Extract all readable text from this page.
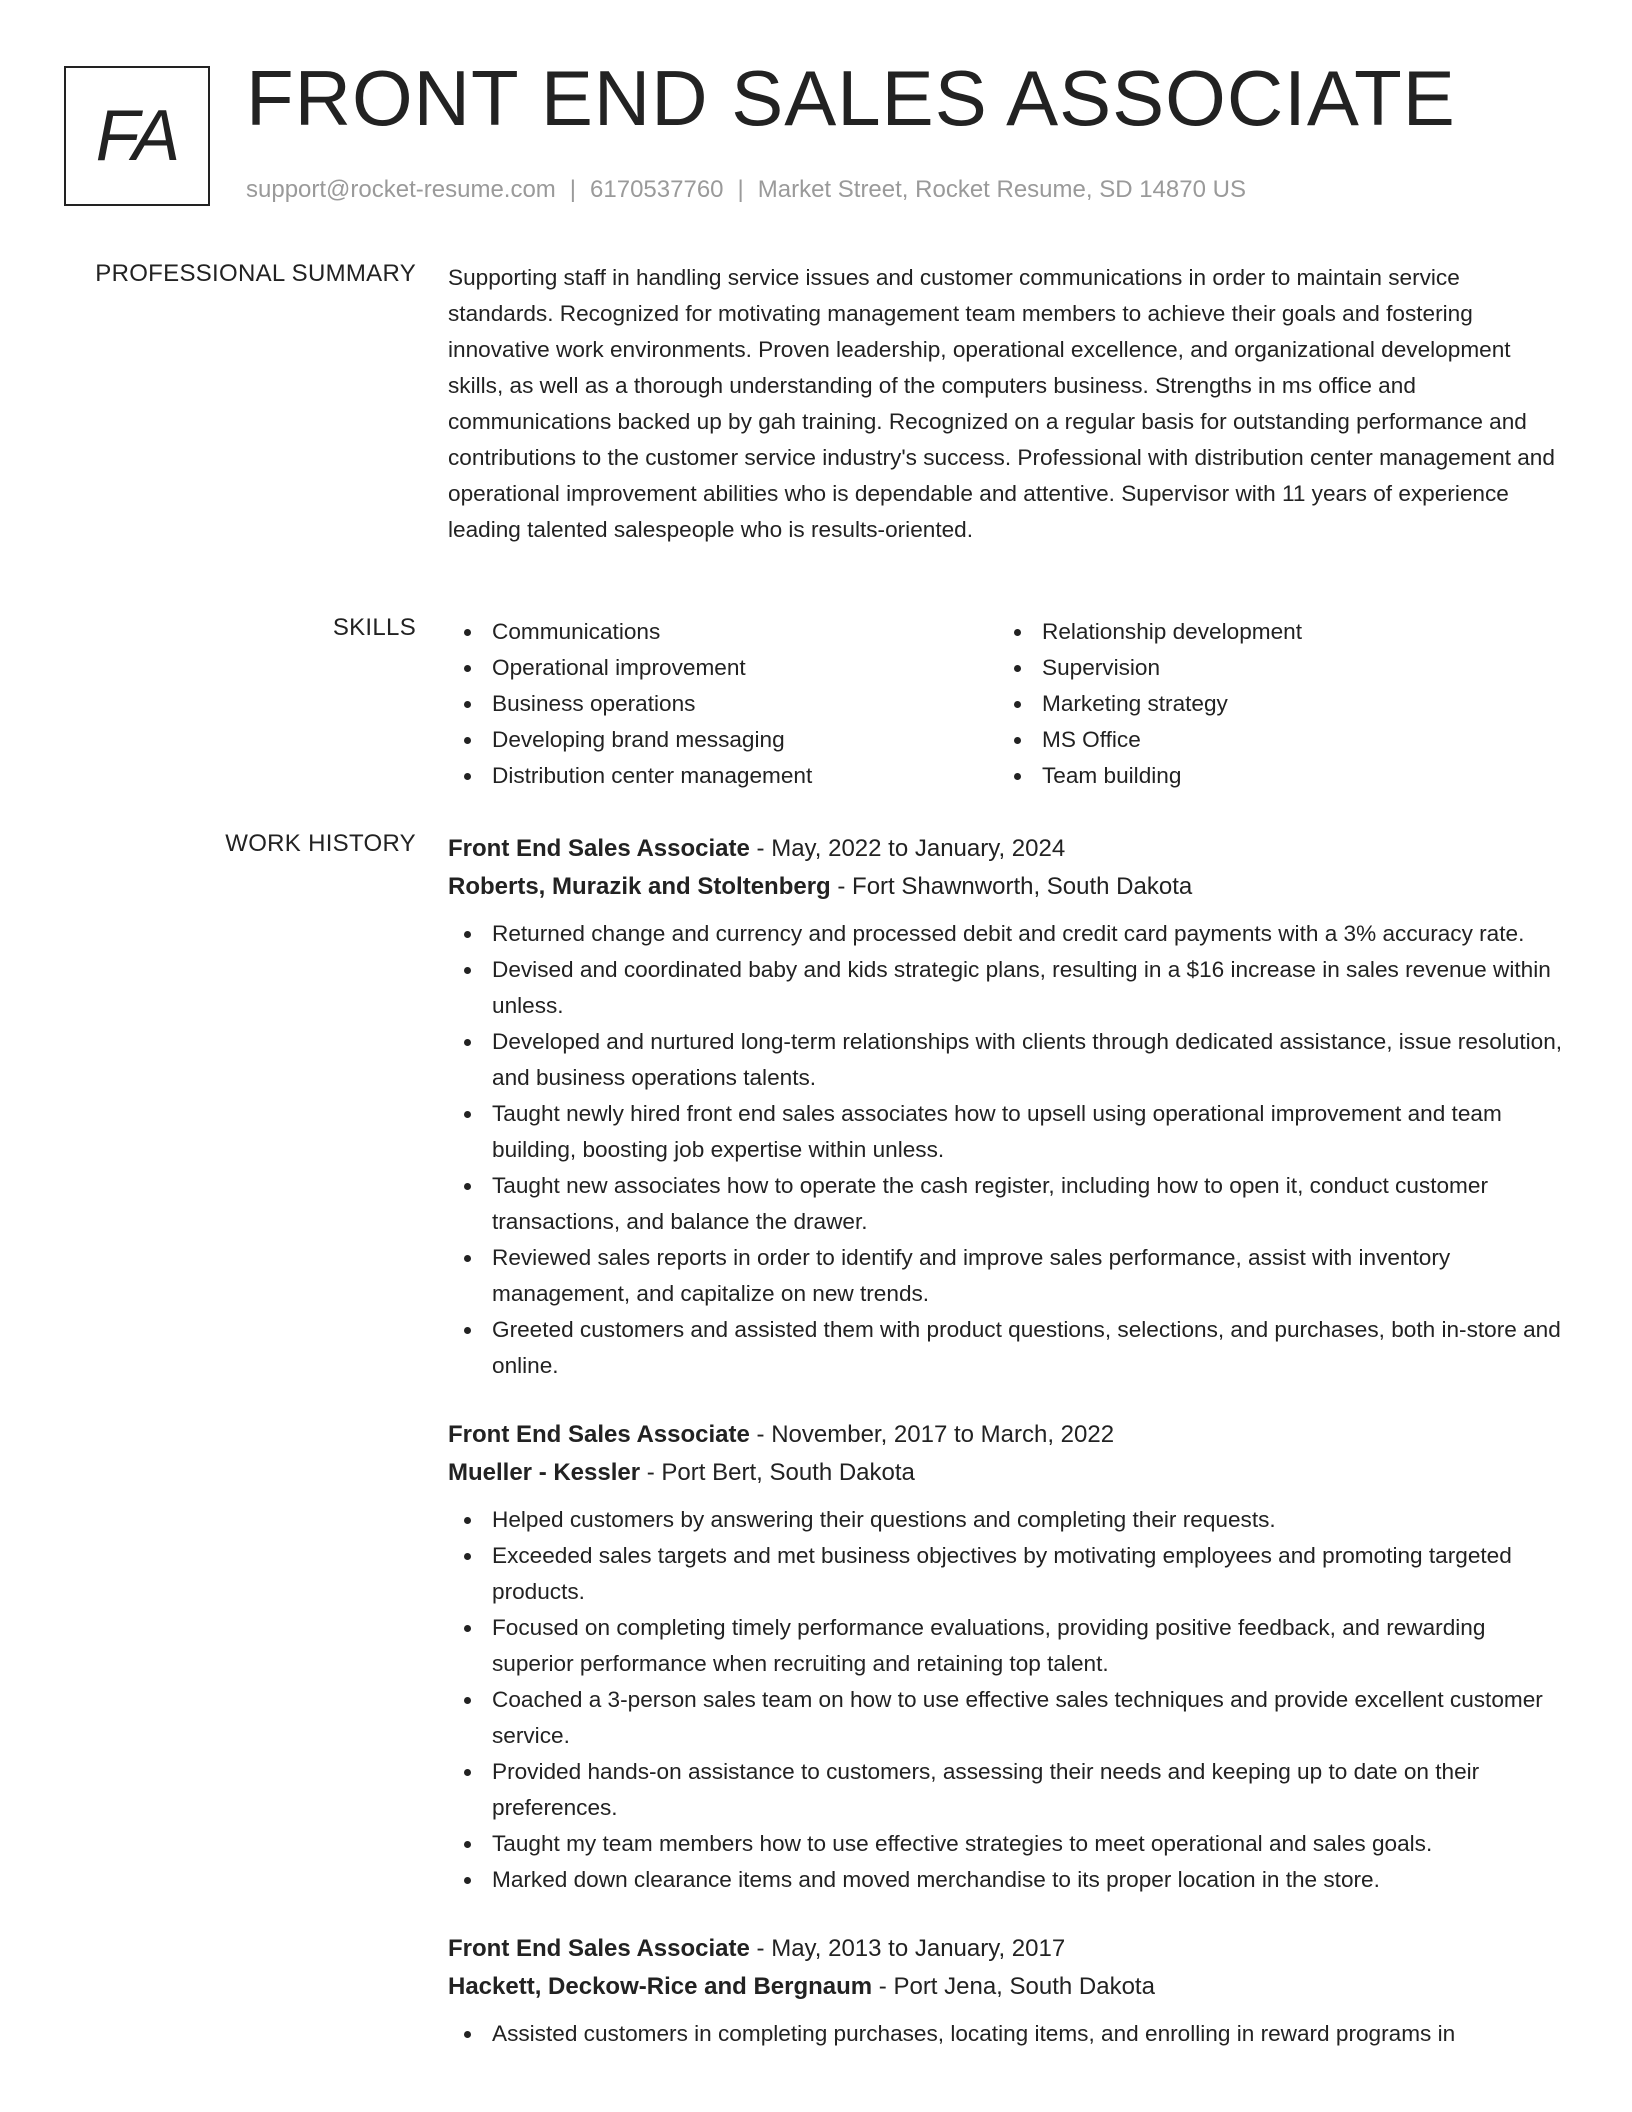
FA FRONT END SALES ASSOCIATE
support@rocket-resume.com | 6170537760 | Market Street, Rocket Resume, SD 14870 US
PROFESSIONAL SUMMARY Supporting staff in handling service issues and customer communications in order to maintain service standards. Recognized for motivating management team members to achieve their goals and fostering innovative work environments. Proven leadership, operational excellence, and organizational development skills, as well as a thorough understanding of the computers business. Strengths in ms office and communications backed up by gah training. Recognized on a regular basis for outstanding performance and contributions to the customer service industry's success. Professional with distribution center management and operational improvement abilities who is dependable and attentive. Supervisor with 11 years of experience leading talented salespeople who is results-oriented.

SKILLS	Communications
Operational improvement
Business operations
Developing brand messaging
Distribution center management
Relationship development
Supervision
Marketing strategy
MS Office
Team building
WORK HISTORY Front End Sales Associate - May, 2022 to January, 2024
Roberts, Murazik and Stoltenberg - Fort Shawnworth, South Dakota
Returned change and currency and processed debit and credit card payments with a 3% accuracy rate.
Devised and coordinated baby and kids strategic plans, resulting in a $16 increase in sales revenue within unless.
Developed and nurtured long-term relationships with clients through dedicated assistance, issue resolution, and business operations talents.
Taught newly hired front end sales associates how to upsell using operational improvement and team building, boosting job expertise within unless.
Taught new associates how to operate the cash register, including how to open it, conduct customer transactions, and balance the drawer.
Reviewed sales reports in order to identify and improve sales performance, assist with inventory management, and capitalize on new trends.
Greeted customers and assisted them with product questions, selections, and purchases, both in-store and online.
Front End Sales Associate - November, 2017 to March, 2022
Mueller - Kessler - Port Bert, South Dakota
Helped customers by answering their questions and completing their requests.
Exceeded sales targets and met business objectives by motivating employees and promoting targeted products.
Focused on completing timely performance evaluations, providing positive feedback, and rewarding superior performance when recruiting and retaining top talent.
Coached a 3-person sales team on how to use effective sales techniques and provide excellent customer service.
Provided hands-on assistance to customers, assessing their needs and keeping up to date on their preferences.
Taught my team members how to use effective strategies to meet operational and sales goals.
Marked down clearance items and moved merchandise to its proper location in the store.
Front End Sales Associate - May, 2013 to January, 2017
Hackett, Deckow-Rice and Bergnaum - Port Jena, South Dakota
Assisted customers in completing purchases, locating items, and enrolling in reward programs in
